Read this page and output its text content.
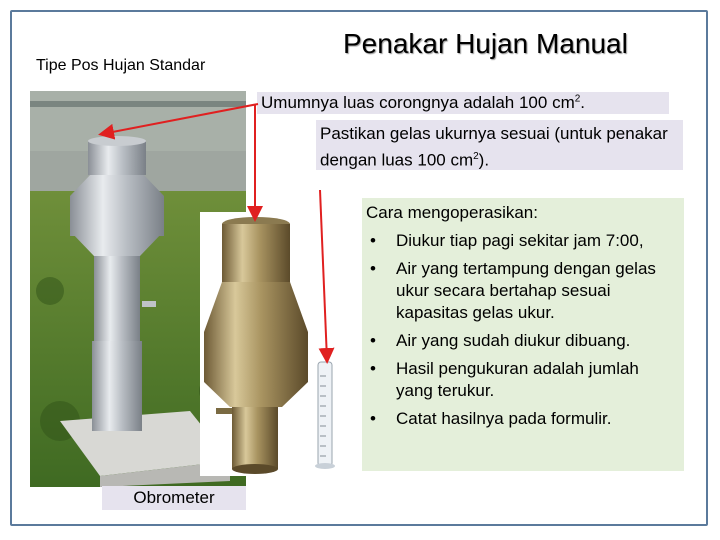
Tipe Pos Hujan Standar
Penakar Hujan Manual
Umumnya luas corongnya adalah 100 $cm^2$.
Pastikan gelas ukurnya sesuai (untuk penakar dengan luas 100 $cm^2$).
Cara mengoperasikan:
• Diukur tiap pagi sekitar jam 7:00,
• Air yang tertampung dengan gelas ukur secara bertahap sesuai kapasitas gelas ukur.
• Air yang sudah diukur dibuang.
• Hasil pengukuran adalah jumlah yang terukur.
• Catat hasilnya pada formulir.
Obrometer
